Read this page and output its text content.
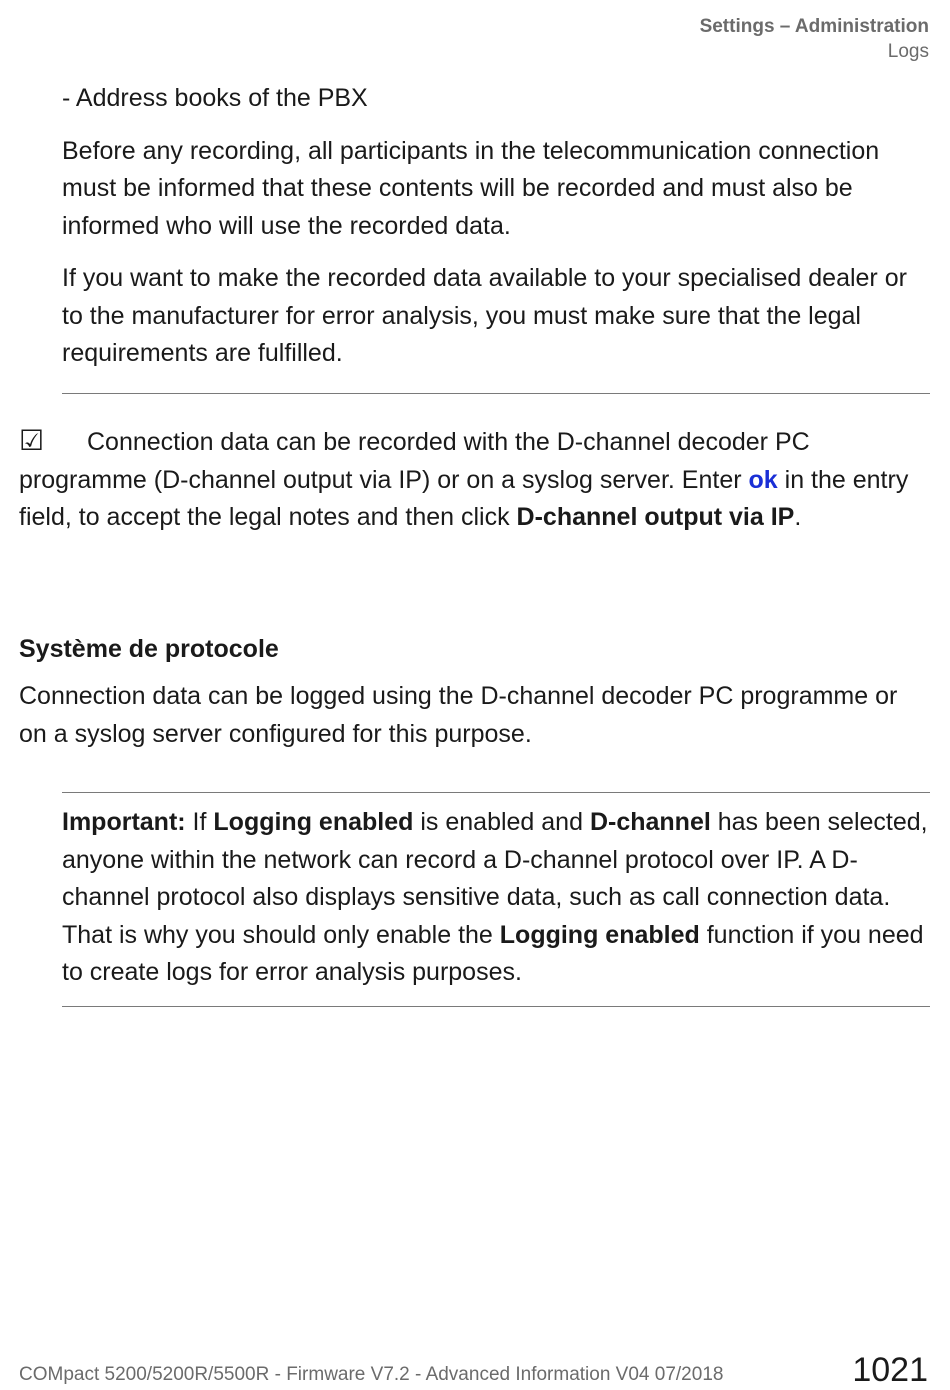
Settings – Administration
Logs

- Address books of the PBX

Before any recording, all participants in the telecommunication connection must be informed that these contents will be recorded and must also be informed who will use the recorded data.

If you want to make the recorded data available to your specialised dealer or to the manufacturer for error analysis, you must make sure that the legal requirements are fulfilled.

☑ Connection data can be recorded with the D-channel decoder PC programme (D-channel output via IP) or on a syslog server. Enter ok in the entry field, to accept the legal notes and then click D-channel output via IP.
Système de protocole

Connection data can be logged using the D-channel decoder PC programme or on a syslog server configured for this purpose.

Important: If Logging enabled is enabled and D-channel has been selected, anyone within the network can record a D-channel protocol over IP. A D-channel protocol also displays sensitive data, such as call connection data. That is why you should only enable the Logging enabled function if you need to create logs for error analysis purposes.

COMpact 5200/5200R/5500R - Firmware V7.2 - Advanced Information V04 07/2018	1021
